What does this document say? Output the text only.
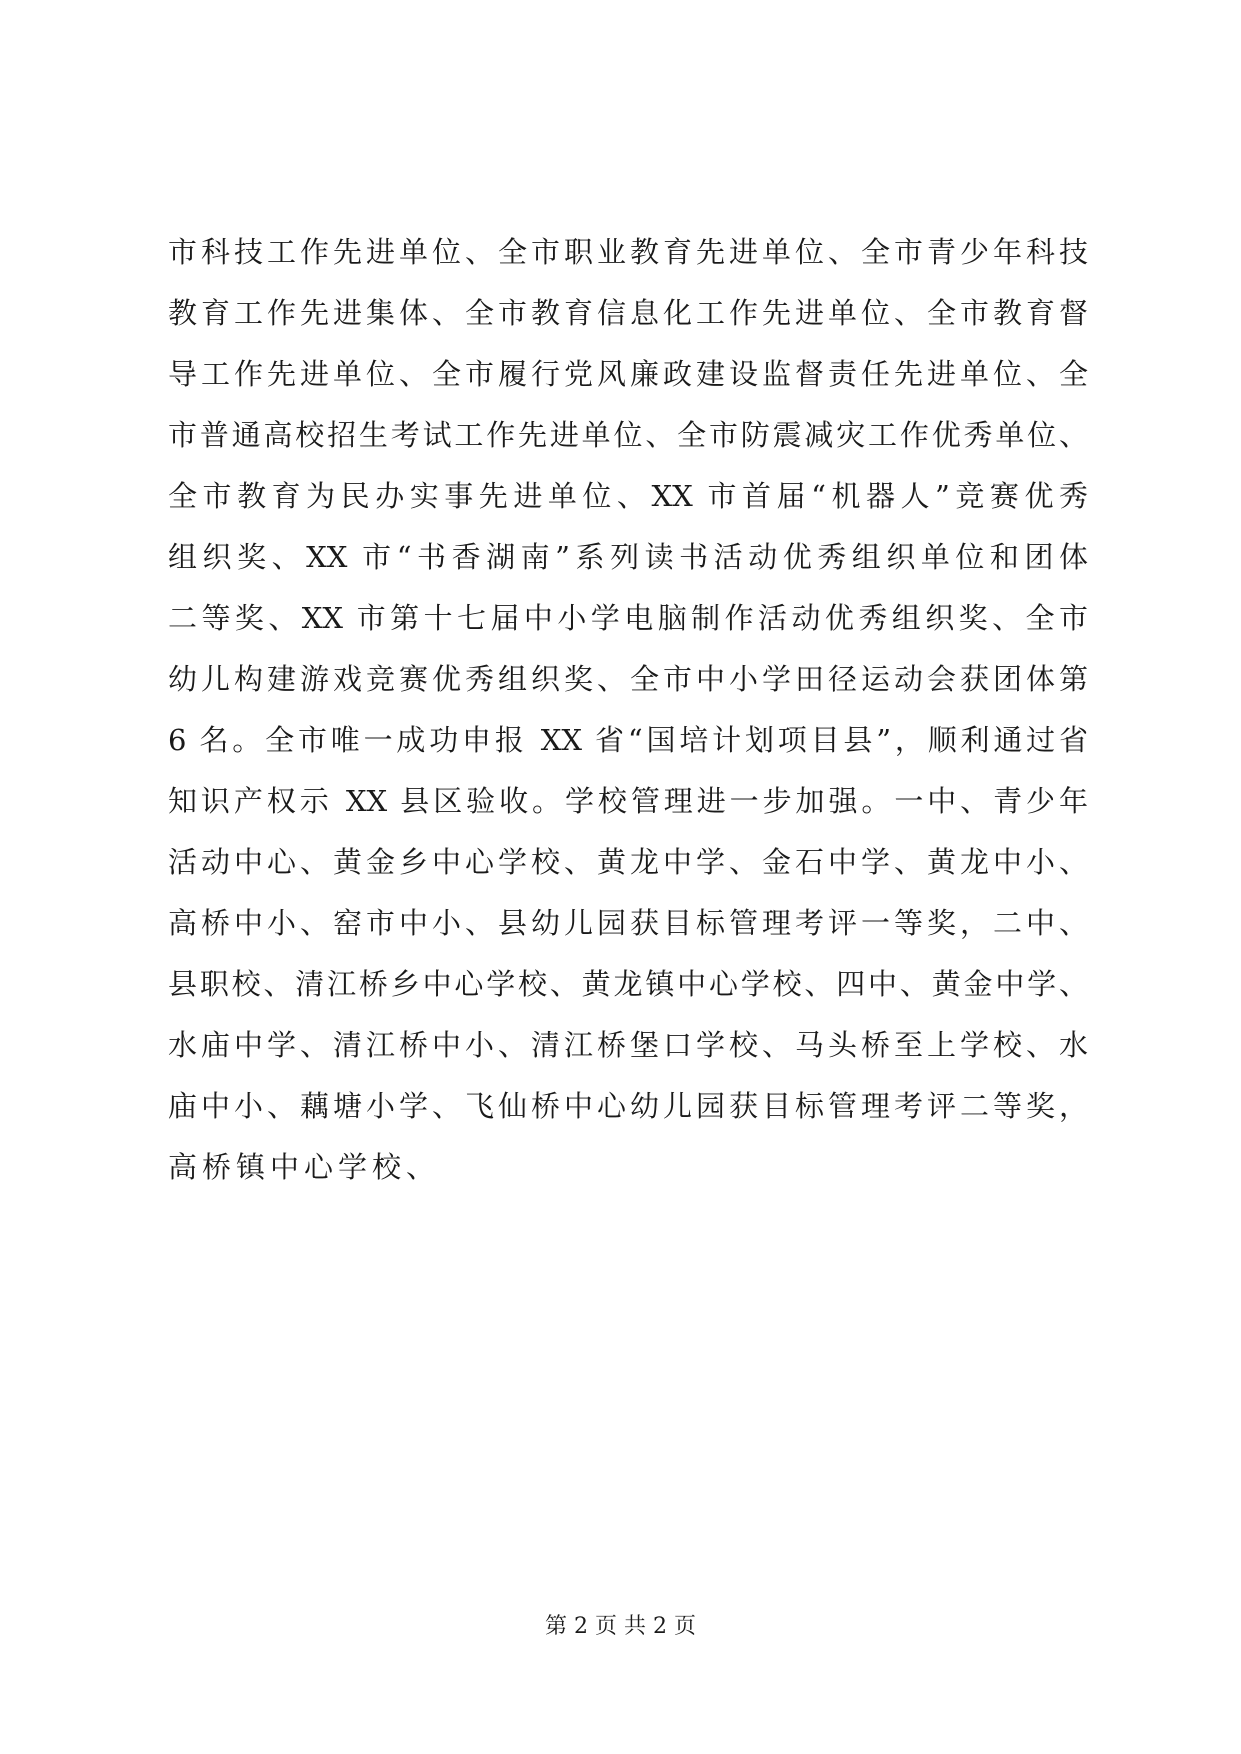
市科技工作先进单位、全市职业教育先进单位、全市青少年科技
教育工作先进集体、全市教育信息化工作先进单位、全市教育督
导工作先进单位、全市履行党风廉政建设监督责任先进单位、全
市普通高校招生考试工作先进单位、全市防震减灾工作优秀单位、
全市教育为民办实事先进单位、XX 市首届“机器人”竞赛优秀
组织奖、XX 市“书香湖南”系列读书活动优秀组织单位和团体
二等奖、XX 市第十七届中小学电脑制作活动优秀组织奖、全市
幼儿构建游戏竞赛优秀组织奖、全市中小学田径运动会获团体第
6 名。全市唯一成功申报 XX 省“国培计划项目县”，顺利通过省
知识产权示 XX 县区验收。学校管理进一步加强。一中、青少年
活动中心、黄金乡中心学校、黄龙中学、金石中学、黄龙中小、
高桥中小、窑市中小、县幼儿园获目标管理考评一等奖，二中、
县职校、清江桥乡中心学校、黄龙镇中心学校、四中、黄金中学、
水庙中学、清江桥中小、清江桥堡口学校、马头桥至上学校、水
庙中小、藕塘小学、飞仙桥中心幼儿园获目标管理考评二等奖，
高桥镇中心学校、
第 2 页 共 2 页
